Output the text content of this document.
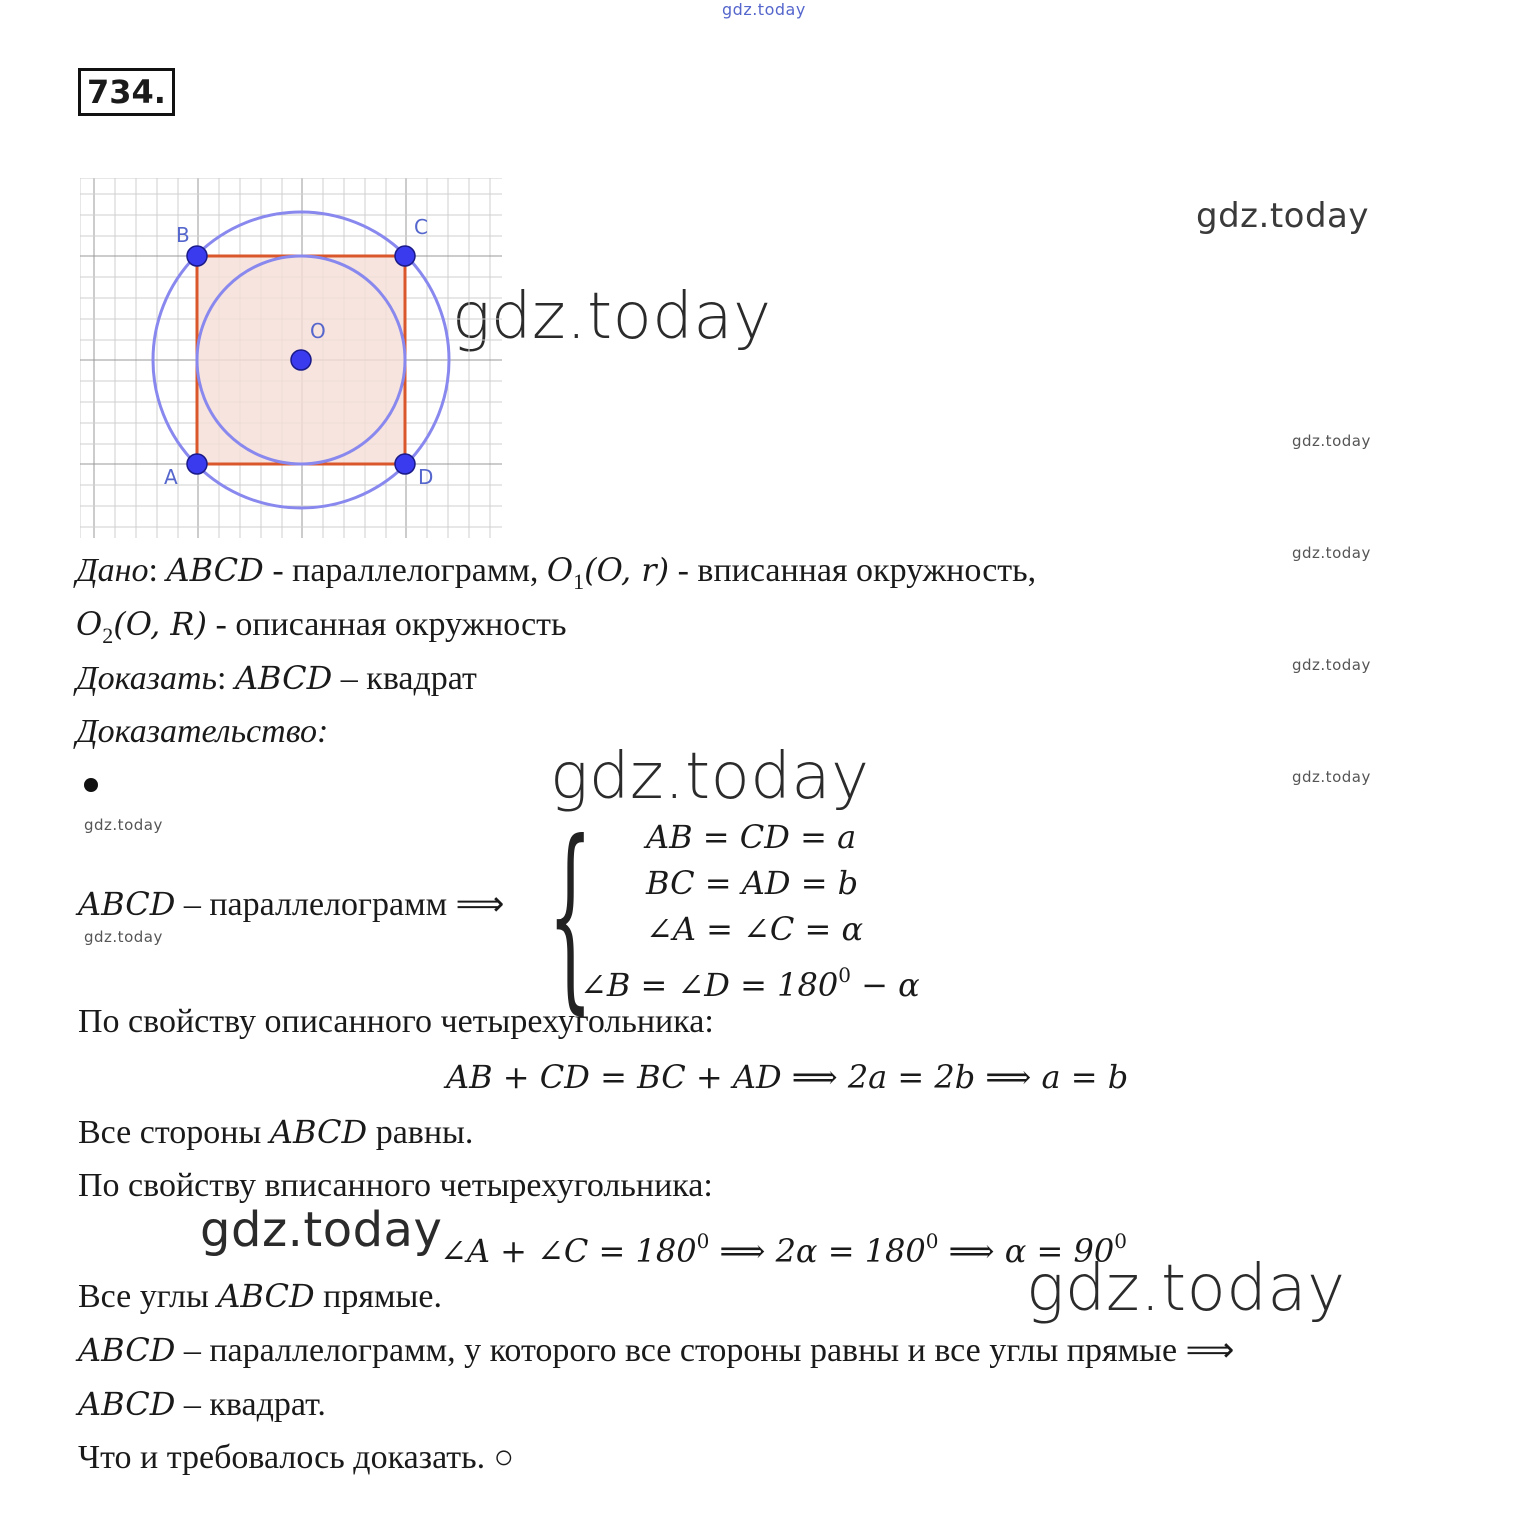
gdz.today
gdz.today
gdz.today
gdz.today
gdz.today
gdz.today
gdz.today
gdz.today
gdz.today
gdz.today
gdz.today
gdz.today
734.
B	C
O
A	D
Дано: ABCD - параллелограмм, $O_1(O$, r) - вписанная окружность,
$O_2(O$, R) - описанная окружность
Доказать: ABCD – квадрат
Доказательство:
ABCD – параллелограмм ⟹ { AB = CD = a
BC = AD = b
∠A = ∠C = α
∠B = ∠D = $180^0 - \alpha$
По свойству описанного четырехугольника:
AB + CD = BC + AD ⟹ 2a = 2b ⟹ a = b
Все стороны ABCD равны.
По свойству вписанного четырехугольника:
∠A + ∠C = $180^0$ ⟹ $2\alpha = 180^0$ ⟹ $\alpha = 90^0$
Все углы ABCD прямые.
ABCD – параллелограмм, у которого все стороны равны и все углы прямые ⟹
ABCD – квадрат.
Что и требовалось доказать. ○
